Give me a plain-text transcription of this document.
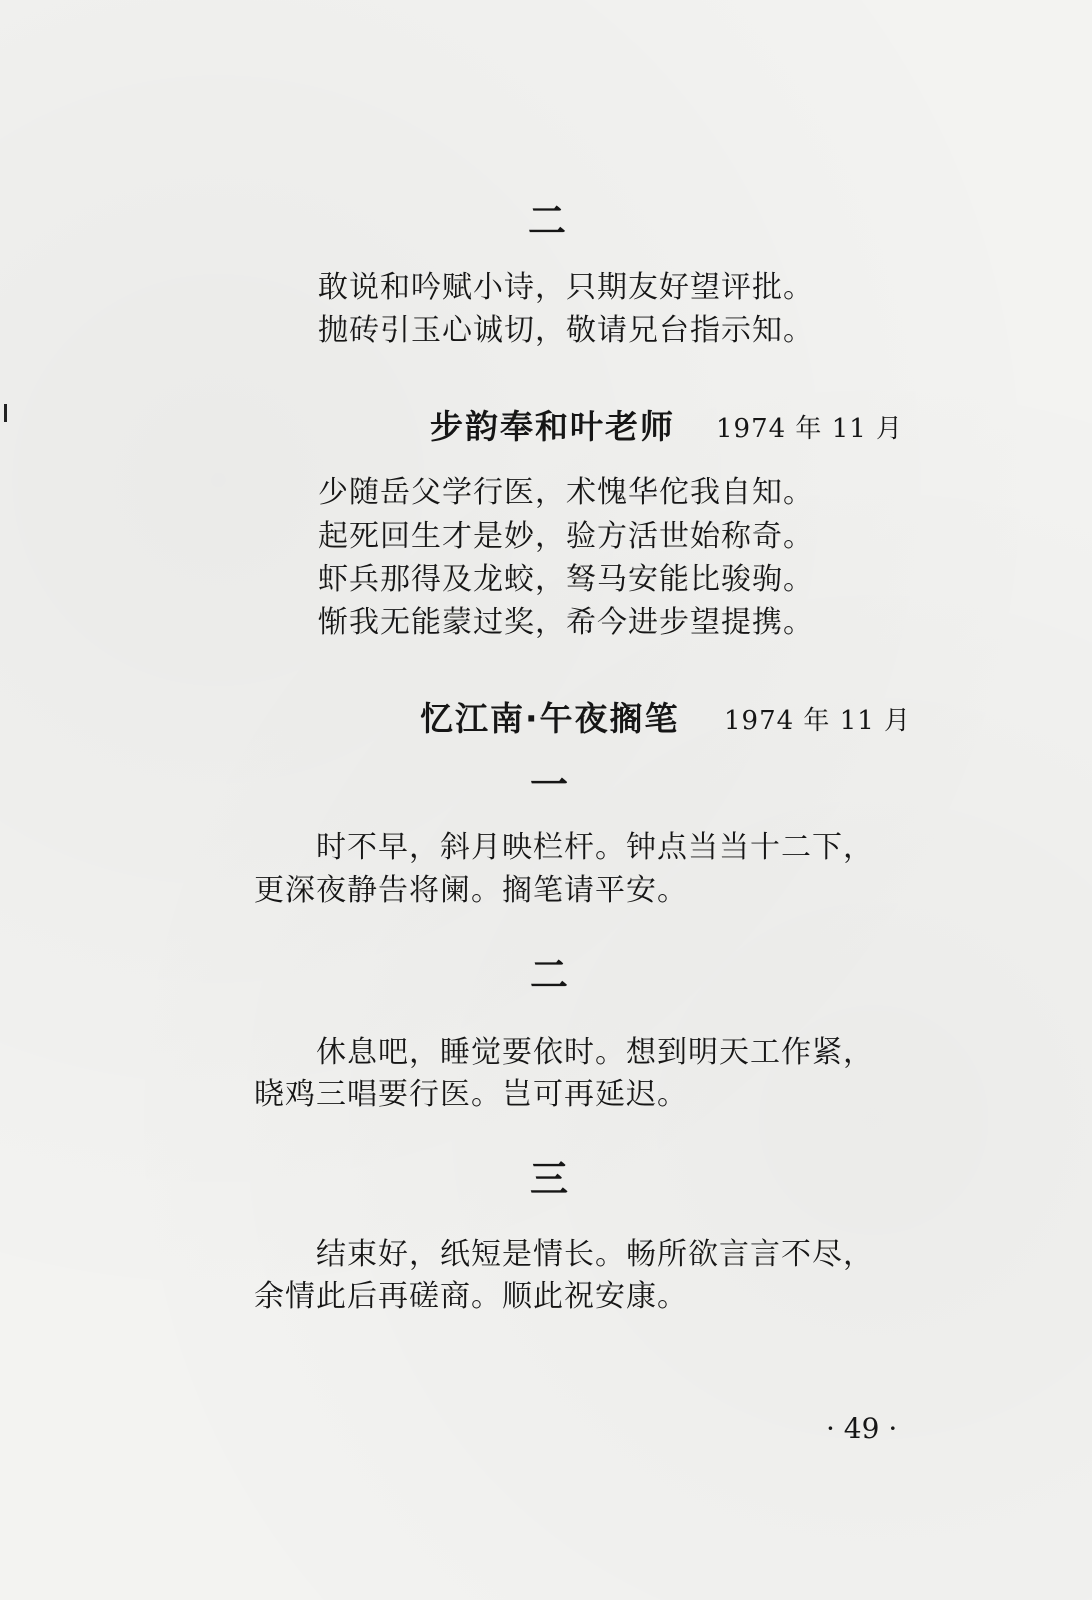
二
敢说和吟赋小诗，只期友好望评批。
抛砖引玉心诚切，敬请兄台指示知。
步韵奉和叶老师 1974 年 11 月
少随岳父学行医，术愧华佗我自知。
起死回生才是妙，验方活世始称奇。
虾兵那得及龙蛟，驽马安能比骏驹。
惭我无能蒙过奖，希今进步望提携。
忆江南·午夜搁笔 1974 年 11 月
一
时不早，斜月映栏杆。钟点当当十二下，
更深夜静告将阑。搁笔请平安。
二
休息吧，睡觉要依时。想到明天工作紧，
晓鸡三唱要行医。岂可再延迟。
三
结束好，纸短是情长。畅所欲言言不尽，
余情此后再磋商。顺此祝安康。
· 49 ·
